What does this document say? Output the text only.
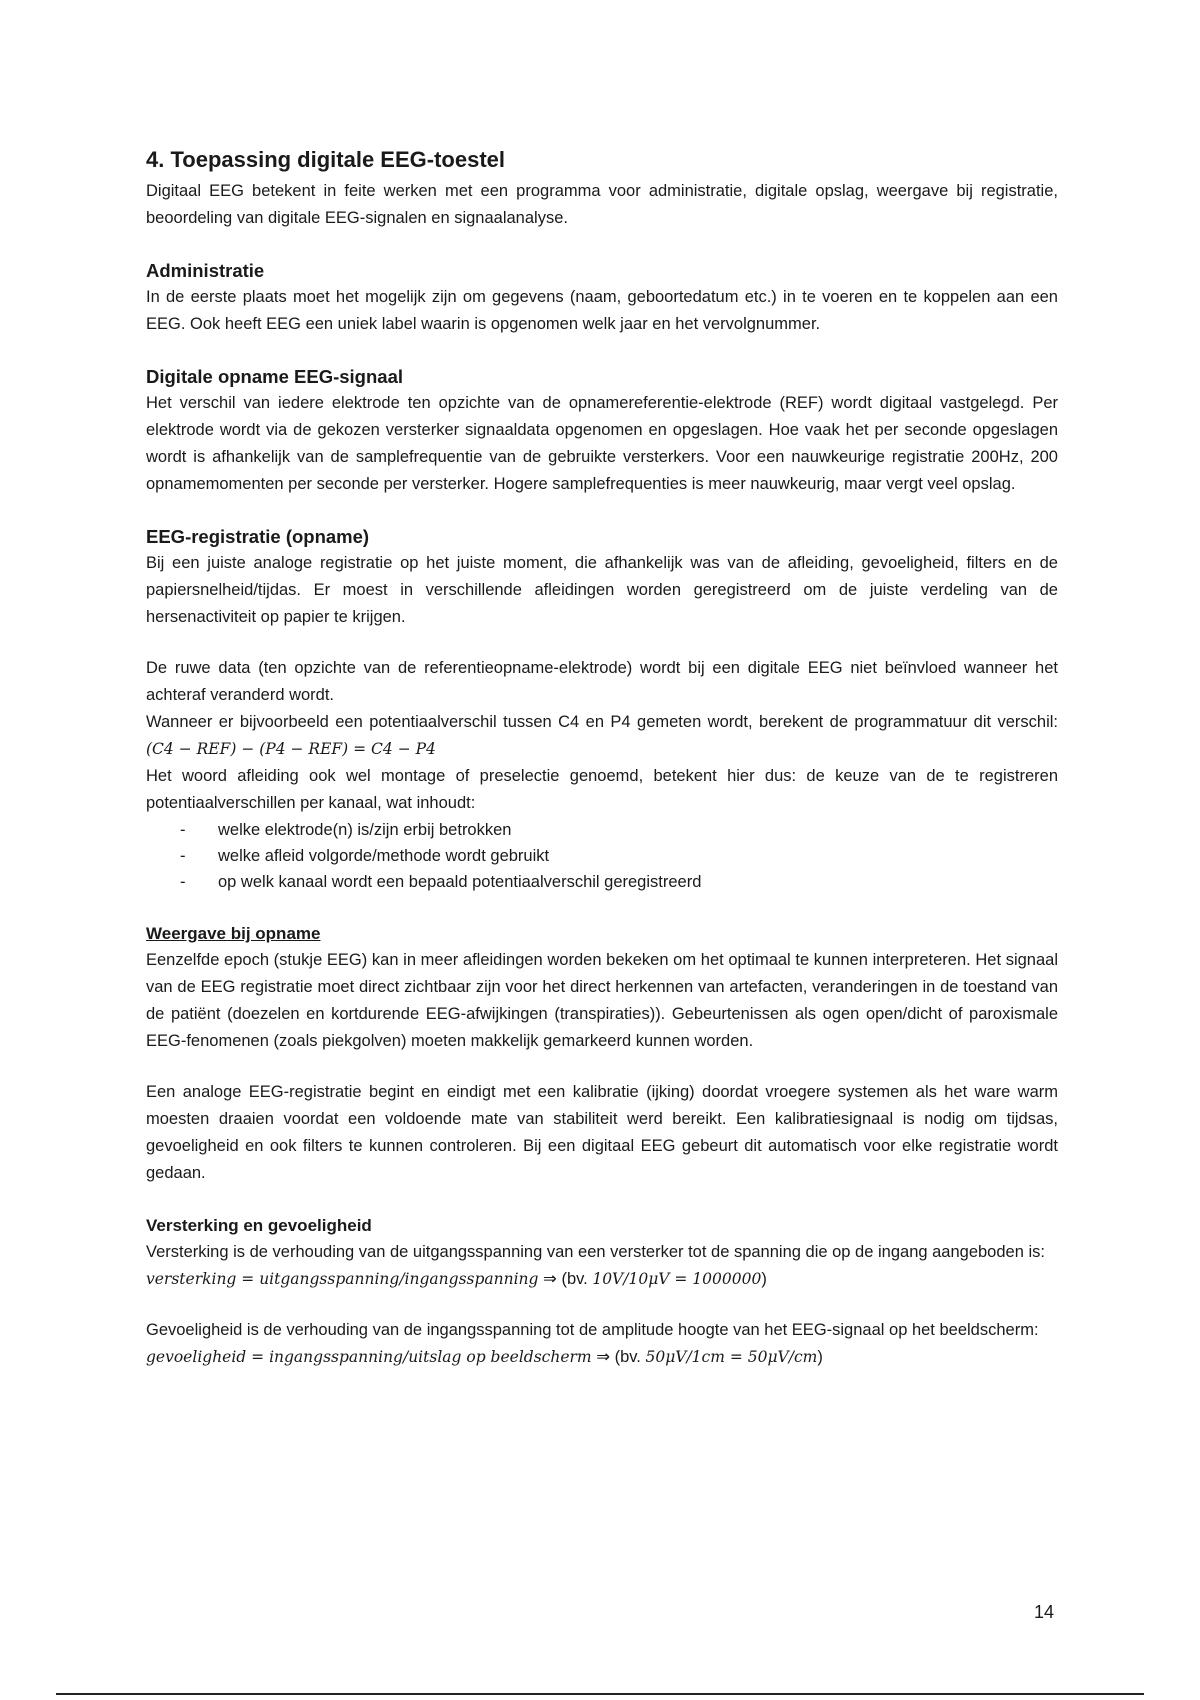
4. Toepassing digitale EEG-toestel

Digitaal EEG betekent in feite werken met een programma voor administratie, digitale opslag, weergave bij registratie, beoordeling van digitale EEG-signalen en signaalanalyse.

Administratie

In de eerste plaats moet het mogelijk zijn om gegevens (naam, geboortedatum etc.) in te voeren en te koppelen aan een EEG. Ook heeft EEG een uniek label waarin is opgenomen welk jaar en het vervolgnummer.

Digitale opname EEG-signaal

Het verschil van iedere elektrode ten opzichte van de opnamereferentie-elektrode (REF) wordt digitaal vastgelegd. Per elektrode wordt via de gekozen versterker signaaldata opgenomen en opgeslagen. Hoe vaak het per seconde opgeslagen wordt is afhankelijk van de samplefrequentie van de gebruikte versterkers. Voor een nauwkeurige registratie 200Hz, 200 opnamemomenten per seconde per versterker. Hogere samplefrequenties is meer nauwkeurig, maar vergt veel opslag.

EEG-registratie (opname)

Bij een juiste analoge registratie op het juiste moment, die afhankelijk was van de afleiding, gevoeligheid, filters en de papiersnelheid/tijdas. Er moest in verschillende afleidingen worden geregistreerd om de juiste verdeling van de hersenactiviteit op papier te krijgen.

De ruwe data (ten opzichte van de referentieopname-elektrode) wordt bij een digitale EEG niet beïnvloed wanneer het achteraf veranderd wordt.

Wanneer er bijvoorbeeld een potentiaalverschil tussen C4 en P4 gemeten wordt, berekent de programmatuur dit verschil: (C4 − REF) − (P4 − REF) = C4 − P4

Het woord afleiding ook wel montage of preselectie genoemd, betekent hier dus: de keuze van de te registreren potentiaalverschillen per kanaal, wat inhoudt:

- welke elektrode(n) is/zijn erbij betrokken
- welke afleid volgorde/methode wordt gebruikt
- op welk kanaal wordt een bepaald potentiaalverschil geregistreerd
Weergave bij opname

Eenzelfde epoch (stukje EEG) kan in meer afleidingen worden bekeken om het optimaal te kunnen interpreteren. Het signaal van de EEG registratie moet direct zichtbaar zijn voor het direct herkennen van artefacten, veranderingen in de toestand van de patiënt (doezelen en kortdurende EEG-afwijkingen (transpiraties)). Gebeurtenissen als ogen open/dicht of paroxismale EEG-fenomenen (zoals piekgolven) moeten makkelijk gemarkeerd kunnen worden.

Een analoge EEG-registratie begint en eindigt met een kalibratie (ijking) doordat vroegere systemen als het ware warm moesten draaien voordat een voldoende mate van stabiliteit werd bereikt. Een kalibratiesignaal is nodig om tijdsas, gevoeligheid en ook filters te kunnen controleren. Bij een digitaal EEG gebeurt dit automatisch voor elke registratie wordt gedaan.

Versterking en gevoeligheid

Versterking is de verhouding van de uitgangsspanning van een versterker tot de spanning die op de ingang aangeboden is:

versterking = uitgangsspanning/ingangsspanning ⇒ (bv. 10V/10μV = 1000000)

Gevoeligheid is de verhouding van de ingangsspanning tot de amplitude hoogte van het EEG-signaal op het beeldscherm:

gevoeligheid = ingangsspanning/uitslag op beeldscherm ⇒ (bv. 50μV/1cm = 50μV/cm)

14
